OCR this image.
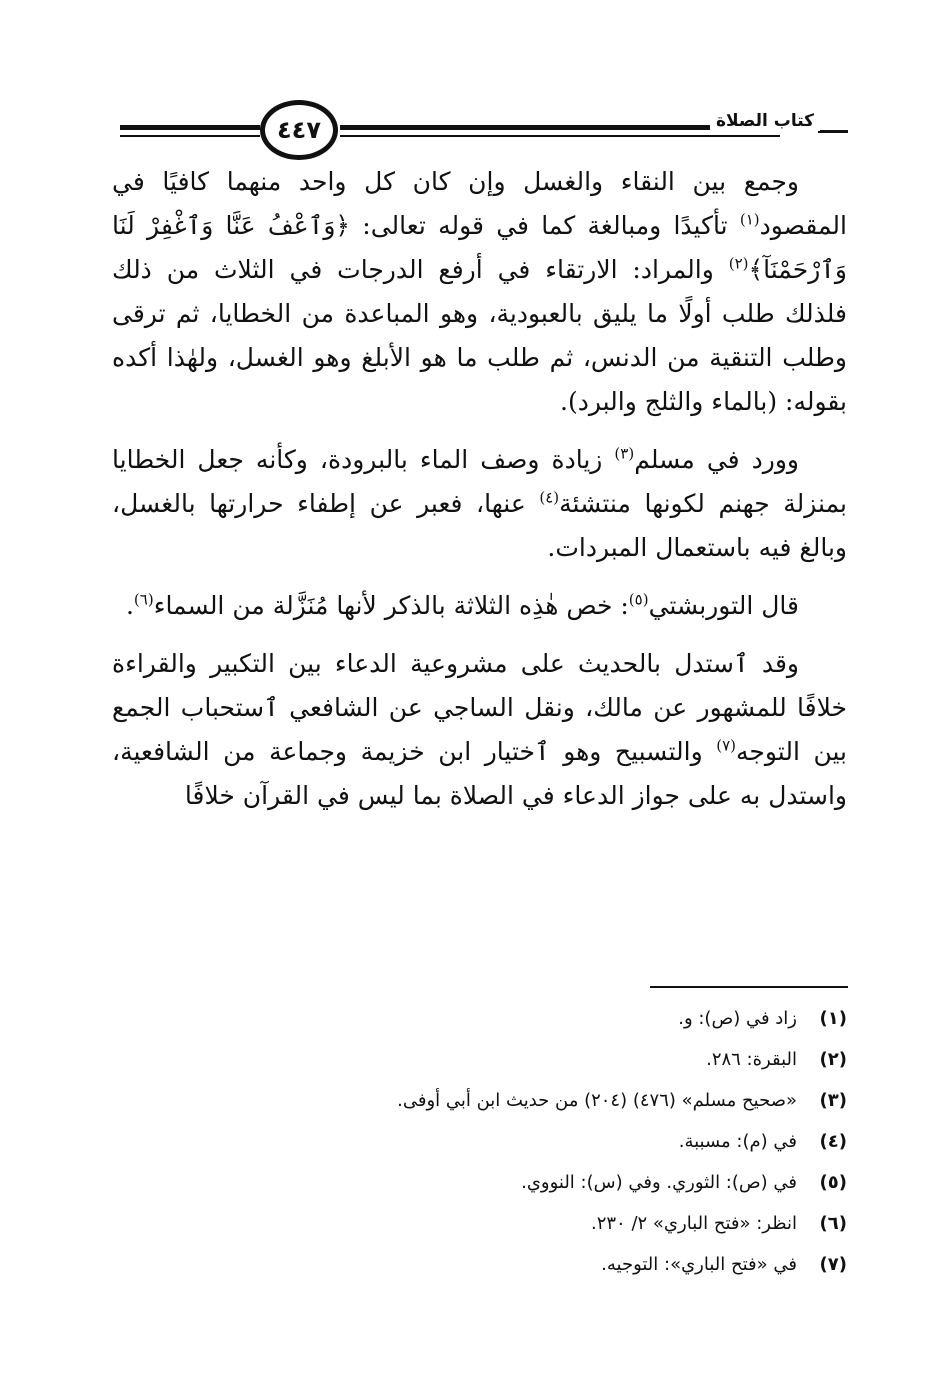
٤٤٧	كتاب الصلاة

وجمع بين النقاء والغسل وإن كان كل واحد منهما كافيًا في المقصود$^{(١)}$ تأكيدًا ومبالغة كما في قوله تعالى: ﴿وَٱعْفُ عَنَّا وَٱغْفِرْ لَنَا وَٱرْحَمْنَآ﴾$^{(٢)}$ والمراد: الارتقاء في أرفع الدرجات في الثلاث من ذلك فلذلك طلب أولًا ما يليق بالعبودية، وهو المباعدة من الخطايا، ثم ترقى وطلب التنقية من الدنس، ثم طلب ما هو الأبلغ وهو الغسل، ولهٰذا أكده بقوله: (بالماء والثلج والبرد).

وورد في مسلم$^{(٣)}$ زيادة وصف الماء بالبرودة، وكأنه جعل الخطايا بمنزلة جهنم لكونها منتشئة$^{(٤)}$ عنها، فعبر عن إطفاء حرارتها بالغسل، وبالغ فيه باستعمال المبردات.

قال التوربشتي$^{(٥)}$: خص هٰذِه الثلاثة بالذكر لأنها مُنَزَّلة من السماء$^{(٦)}$.

وقد ٱستدل بالحديث على مشروعية الدعاء بين التكبير والقراءة خلافًا للمشهور عن مالك، ونقل الساجي عن الشافعي ٱستحباب الجمع بين التوجه$^{(٧)}$ والتسبيح وهو ٱختيار ابن خزيمة وجماعة من الشافعية، واستدل به على جواز الدعاء في الصلاة بما ليس في القرآن خلافًا

(١)
زاد في (ص): و.
(٢)
البقرة: ٢٨٦.
(٣)
«صحيح مسلم» (٤٧٦) (٢٠٤) من حديث ابن أبي أوفى.
(٤)
في (م): مسببة.
(٥)
في (ص): الثوري. وفي (س): النووي.
(٦)
انظر: «فتح الباري» ٢/ ٢٣٠.
(٧)
في «فتح الباري»: التوجيه.
